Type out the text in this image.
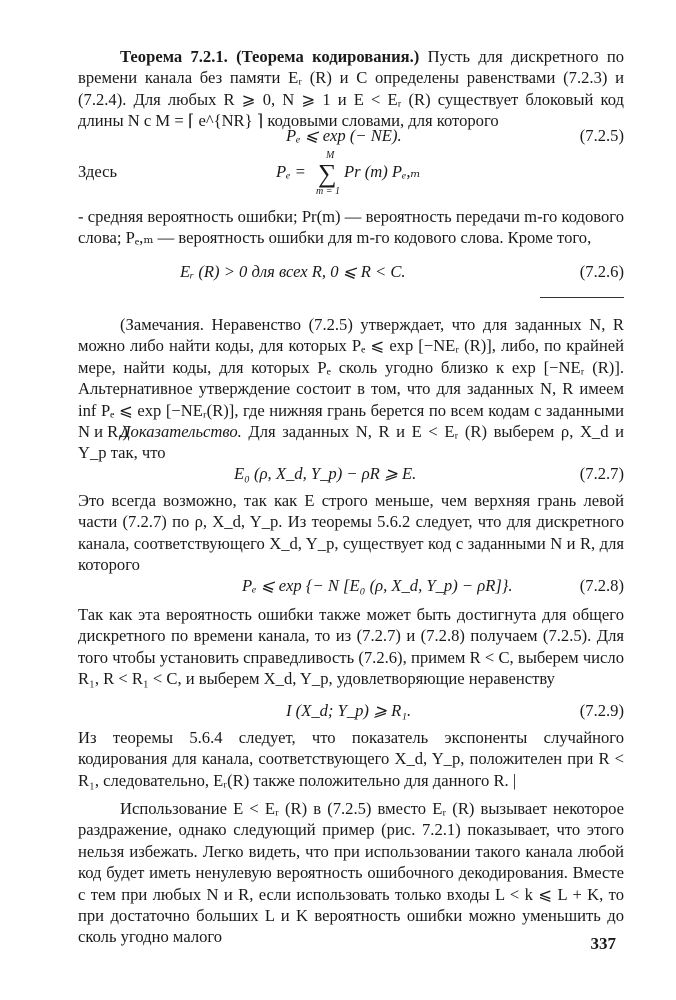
Теорема 7.2.1. (Теорема кодирования.) Пусть для дискретного по времени канала без памяти Eᵣ (R) и C определены равенствами (7.2.3) и (7.2.4). Для любых R ⩾ 0, N ⩾ 1 и E < Eᵣ (R) существует блоковый код длины N с M = ⌈ e^{NR} ⌉ кодовыми словами, для которого

Pₑ ⩽ exp (− NE).	(7.2.5)
Здесь	Pₑ =
M
∑
m = 1
Pr (m) Pₑ,ₘ

- средняя вероятность ошибки; Pr(m) — вероятность передачи m-го кодового слова; Pₑ,ₘ — вероятность ошибки для m-го кодового слова. Кроме того,

Eᵣ (R) > 0 для всех R, 0 ⩽ R < C.	(7.2.6)

(Замечания. Неравенство (7.2.5) утверждает, что для заданных N, R можно либо найти коды, для которых Pₑ ⩽ exp [−NEᵣ (R)], либо, по крайней мере, найти коды, для которых Pₑ сколь угодно близко к exp [−NEᵣ (R)]. Альтернативное утверждение состоит в том, что для заданных N, R имеем inf Pₑ ⩽ exp [−NEᵣ(R)], где нижняя грань берется по всем кодам с заданными N и R.)

Доказательство. Для заданных N, R и E < Eᵣ (R) выберем ρ, X_d и Y_p так, что

E₀ (ρ, X_d, Y_p) − ρR ⩾ E.	(7.2.7)

Это всегда возможно, так как E строго меньше, чем верхняя грань левой части (7.2.7) по ρ, X_d, Y_p. Из теоремы 5.6.2 следует, что для дискретного канала, соответствующего X_d, Y_p, существует код с заданными N и R, для которого

Pₑ ⩽ exp {− N [E₀ (ρ, X_d, Y_p) − ρR]}.	(7.2.8)

Так как эта вероятность ошибки также может быть достигнута для общего дискретного по времени канала, то из (7.2.7) и (7.2.8) получаем (7.2.5). Для того чтобы установить справедливость (7.2.6), примем R < C, выберем число R₁, R < R₁ < C, и выберем X_d, Y_p, удовлетворяющие неравенству

I (X_d; Y_p) ⩾ R₁.	(7.2.9)

Из теоремы 5.6.4 следует, что показатель экспоненты случайного кодирования для канала, соответствующего X_d, Y_p, положителен при R < R₁, следовательно, Eᵣ(R) также положительно для данного R. |

Использование E < Eᵣ (R) в (7.2.5) вместо Eᵣ (R) вызывает некоторое раздражение, однако следующий пример (рис. 7.2.1) показывает, что этого нельзя избежать. Легко видеть, что при использовании такого канала любой код будет иметь ненулевую вероятность ошибочного декодирования. Вместе с тем при любых N и R, если использовать только входы L < k ⩽ L + K, то при достаточно больших L и K вероятность ошибки можно уменьшить до сколь угодно малого	337
